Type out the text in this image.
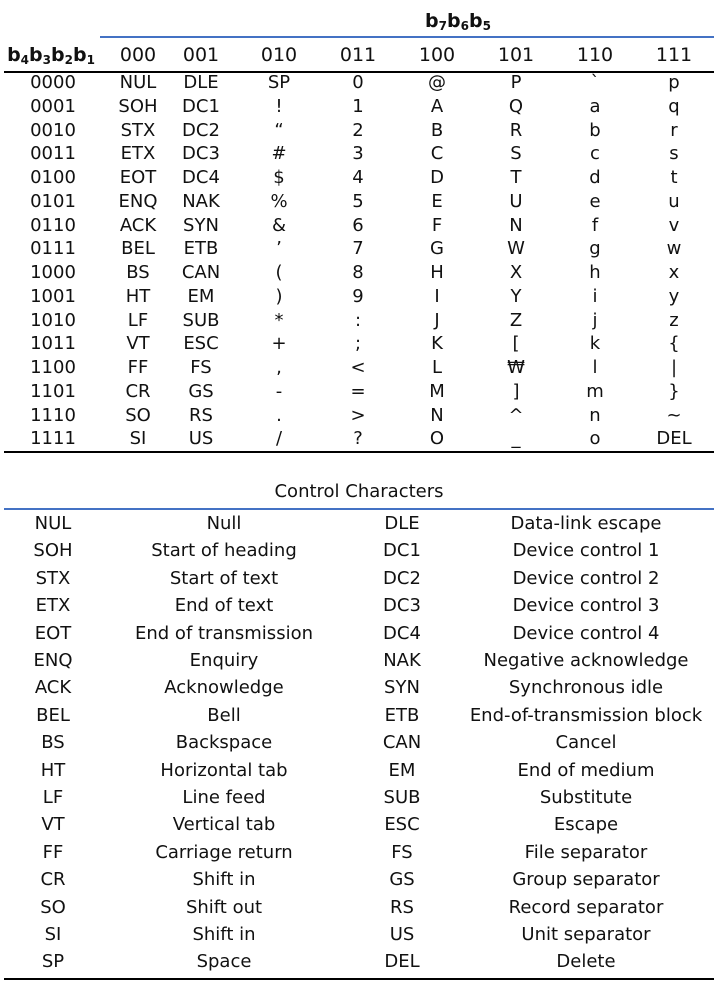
$b_7b_6b_5$
$b_4b_3b_2b_1$	000	001	010	011	100	101	110	111
0000	NUL	DLE	SP	0	@	P	`	p
0001	SOH	DC1	!	1	A	Q	a	q
0010	STX	DC2	“	2	B	R	b	r
0011	ETX	DC3	#	3	C	S	c	s
0100	EOT	DC4	$	4	D	T	d	t
0101	ENQ	NAK	%	5	E	U	e	u
0110	ACK	SYN	&	6	F	N	f	v
0111	BEL	ETB	’	7	G	W	g	w
1000	BS	CAN	(	8	H	X	h	x
1001	HT	EM	)	9	I	Y	i	y
1010	LF	SUB	*	:	J	Z	j	z
1011	VT	ESC	+	;	K	[	k	{
1100	FF	FS	,	<	L	₩	l	|
1101	CR	GS	-	=	M	]	m	}
1110	SO	RS	.	>	N	^	n	~
1111	SI	US	/	?	O	_	o	DEL
Control Characters
NUL	Null	DLE	Data-link escape
SOH	Start of heading	DC1	Device control 1
STX	Start of text	DC2	Device control 2
ETX	End of text	DC3	Device control 3
EOT	End of transmission	DC4	Device control 4
ENQ	Enquiry	NAK	Negative acknowledge
ACK	Acknowledge	SYN	Synchronous idle
BEL	Bell	ETB	End-of-transmission block
BS	Backspace	CAN	Cancel
HT	Horizontal tab	EM	End of medium
LF	Line feed	SUB	Substitute
VT	Vertical tab	ESC	Escape
FF	Carriage return	FS	File separator
CR	Shift in	GS	Group separator
SO	Shift out	RS	Record separator
SI	Shift in	US	Unit separator
SP	Space	DEL	Delete
